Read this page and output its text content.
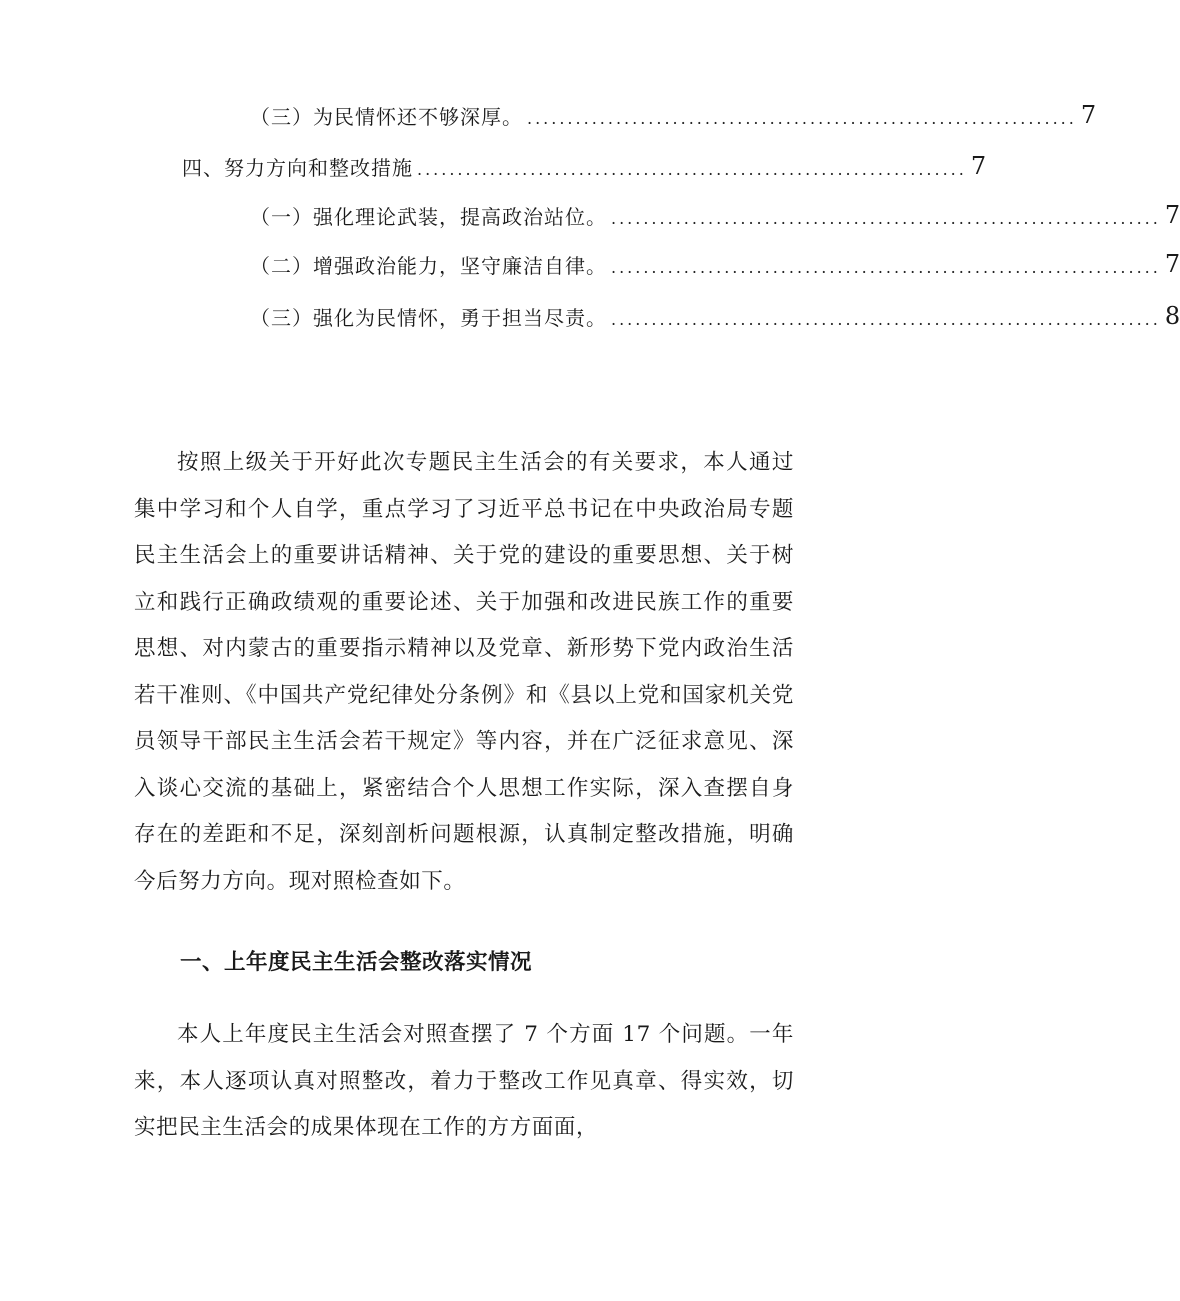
（三）为民情怀还不够深厚。 .................................................................... 7
四、努力方向和整改措施 .................................................................... 7
（一）强化理论武装，提高政治站位。 .................................................................... 7
（二）增强政治能力，坚守廉洁自律。 .................................................................... 7
（三）强化为民情怀，勇于担当尽责。 .................................................................... 8

按照上级关于开好此次专题民主生活会的有关要求，本人通过集中学习和个人自学，重点学习了习近平总书记在中央政治局专题民主生活会上的重要讲话精神、关于党的建设的重要思想、关于树立和践行正确政绩观的重要论述、关于加强和改进民族工作的重要思想、对内蒙古的重要指示精神以及党章、新形势下党内政治生活若干准则、《中国共产党纪律处分条例》和《县以上党和国家机关党员领导干部民主生活会若干规定》等内容，并在广泛征求意见、深入谈心交流的基础上，紧密结合个人思想工作实际，深入查摆自身存在的差距和不足，深刻剖析问题根源，认真制定整改措施，明确今后努力方向。现对照检查如下。

一、上年度民主生活会整改落实情况

本人上年度民主生活会对照查摆了 7 个方面 17 个问题。一年来，本人逐项认真对照整改，着力于整改工作见真章、得实效，切实把民主生活会的成果体现在工作的方方面面，
